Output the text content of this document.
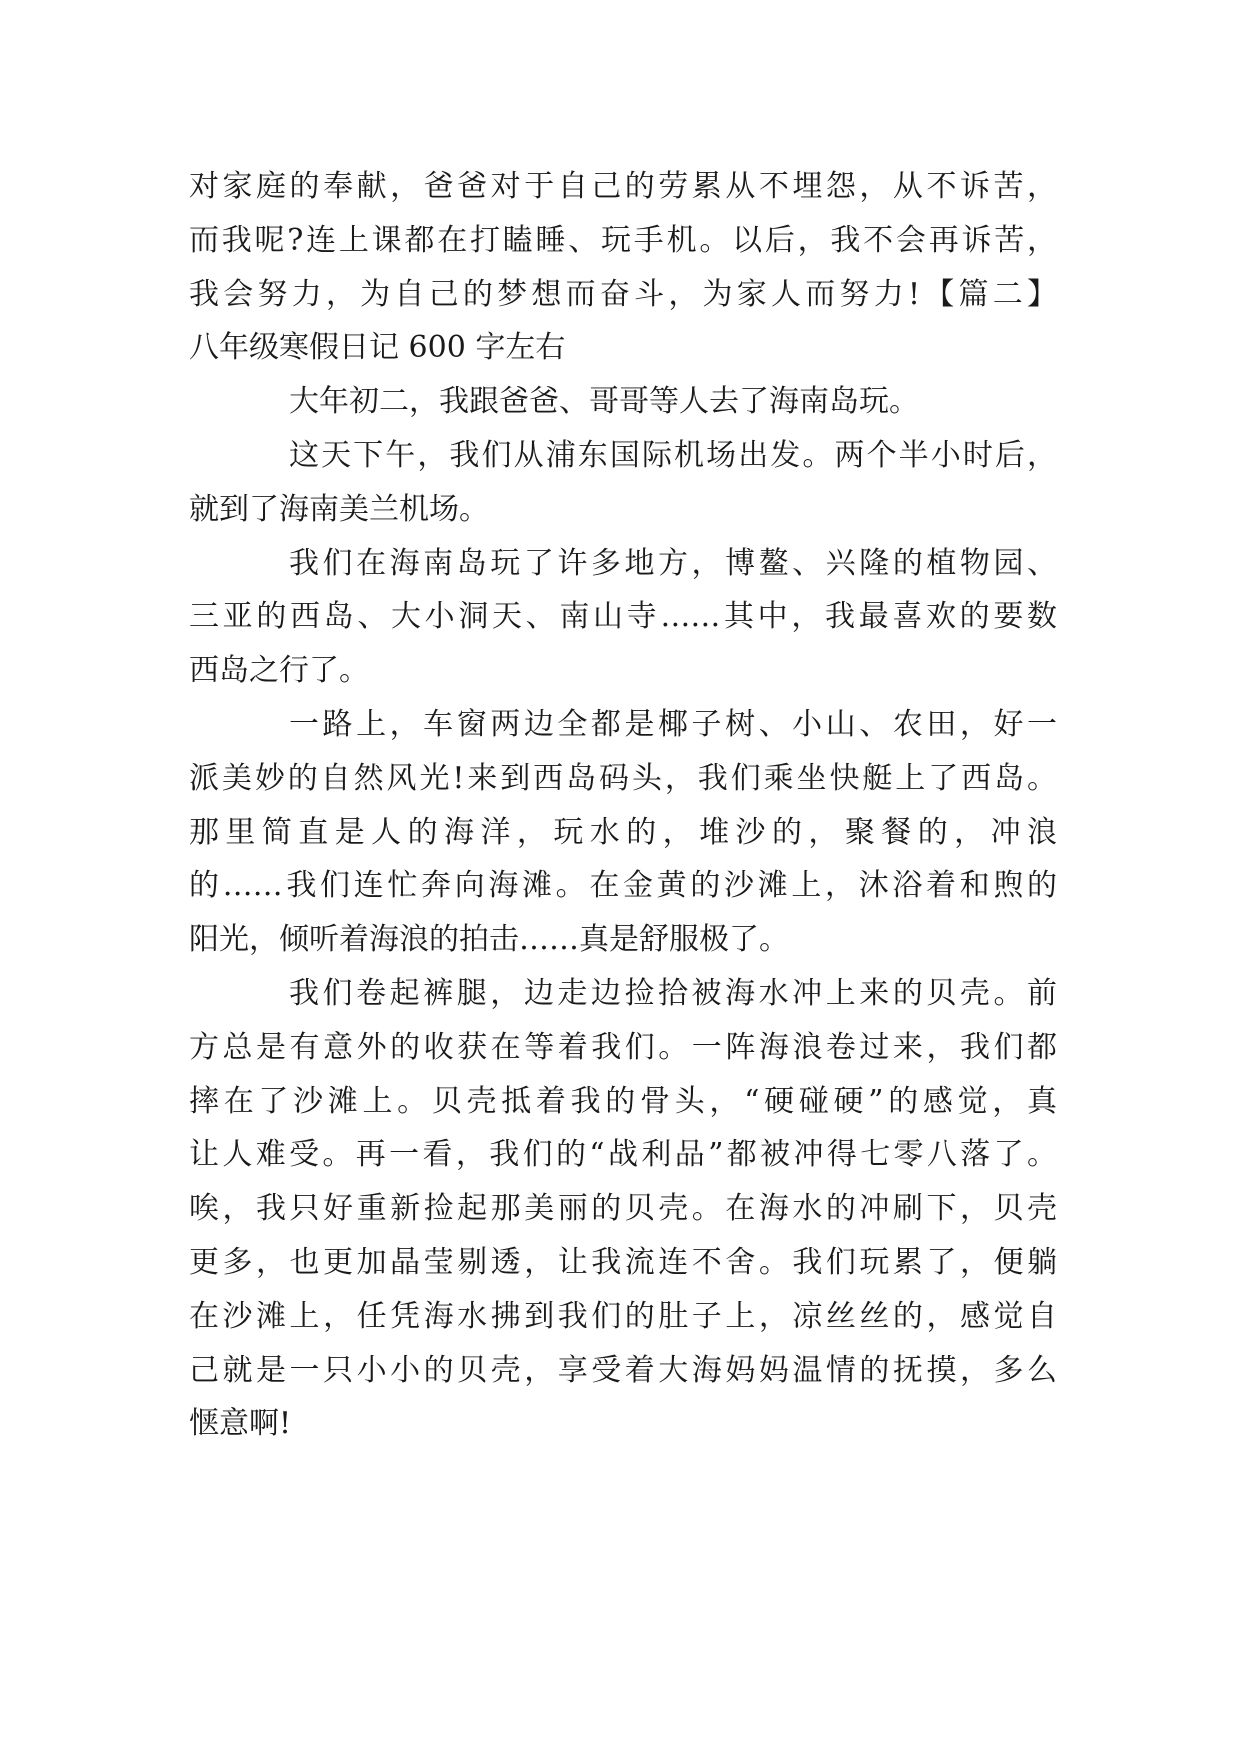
对家庭的奉献，爸爸对于自己的劳累从不埋怨，从不诉苦，
而我呢?连上课都在打瞌睡、玩手机。以后，我不会再诉苦，
我会努力，为自己的梦想而奋斗，为家人而努力!【篇二】
八年级寒假日记 600 字左右
大年初二，我跟爸爸、哥哥等人去了海南岛玩。
这天下午，我们从浦东国际机场出发。两个半小时后，
就到了海南美兰机场。
我们在海南岛玩了许多地方，博鳌、兴隆的植物园、
三亚的西岛、大小洞天、南山寺……其中，我最喜欢的要数
西岛之行了。
一路上，车窗两边全都是椰子树、小山、农田，好一
派美妙的自然风光!来到西岛码头，我们乘坐快艇上了西岛。
那里简直是人的海洋，玩水的，堆沙的，聚餐的，冲浪
的……我们连忙奔向海滩。在金黄的沙滩上，沐浴着和煦的
阳光，倾听着海浪的拍击……真是舒服极了。
我们卷起裤腿，边走边捡拾被海水冲上来的贝壳。前
方总是有意外的收获在等着我们。一阵海浪卷过来，我们都
摔在了沙滩上。贝壳抵着我的骨头，“硬碰硬”的感觉，真
让人难受。再一看，我们的“战利品”都被冲得七零八落了。
唉，我只好重新捡起那美丽的贝壳。在海水的冲刷下，贝壳
更多，也更加晶莹剔透，让我流连不舍。我们玩累了，便躺
在沙滩上，任凭海水拂到我们的肚子上，凉丝丝的，感觉自
己就是一只小小的贝壳，享受着大海妈妈温情的抚摸，多么
惬意啊!
